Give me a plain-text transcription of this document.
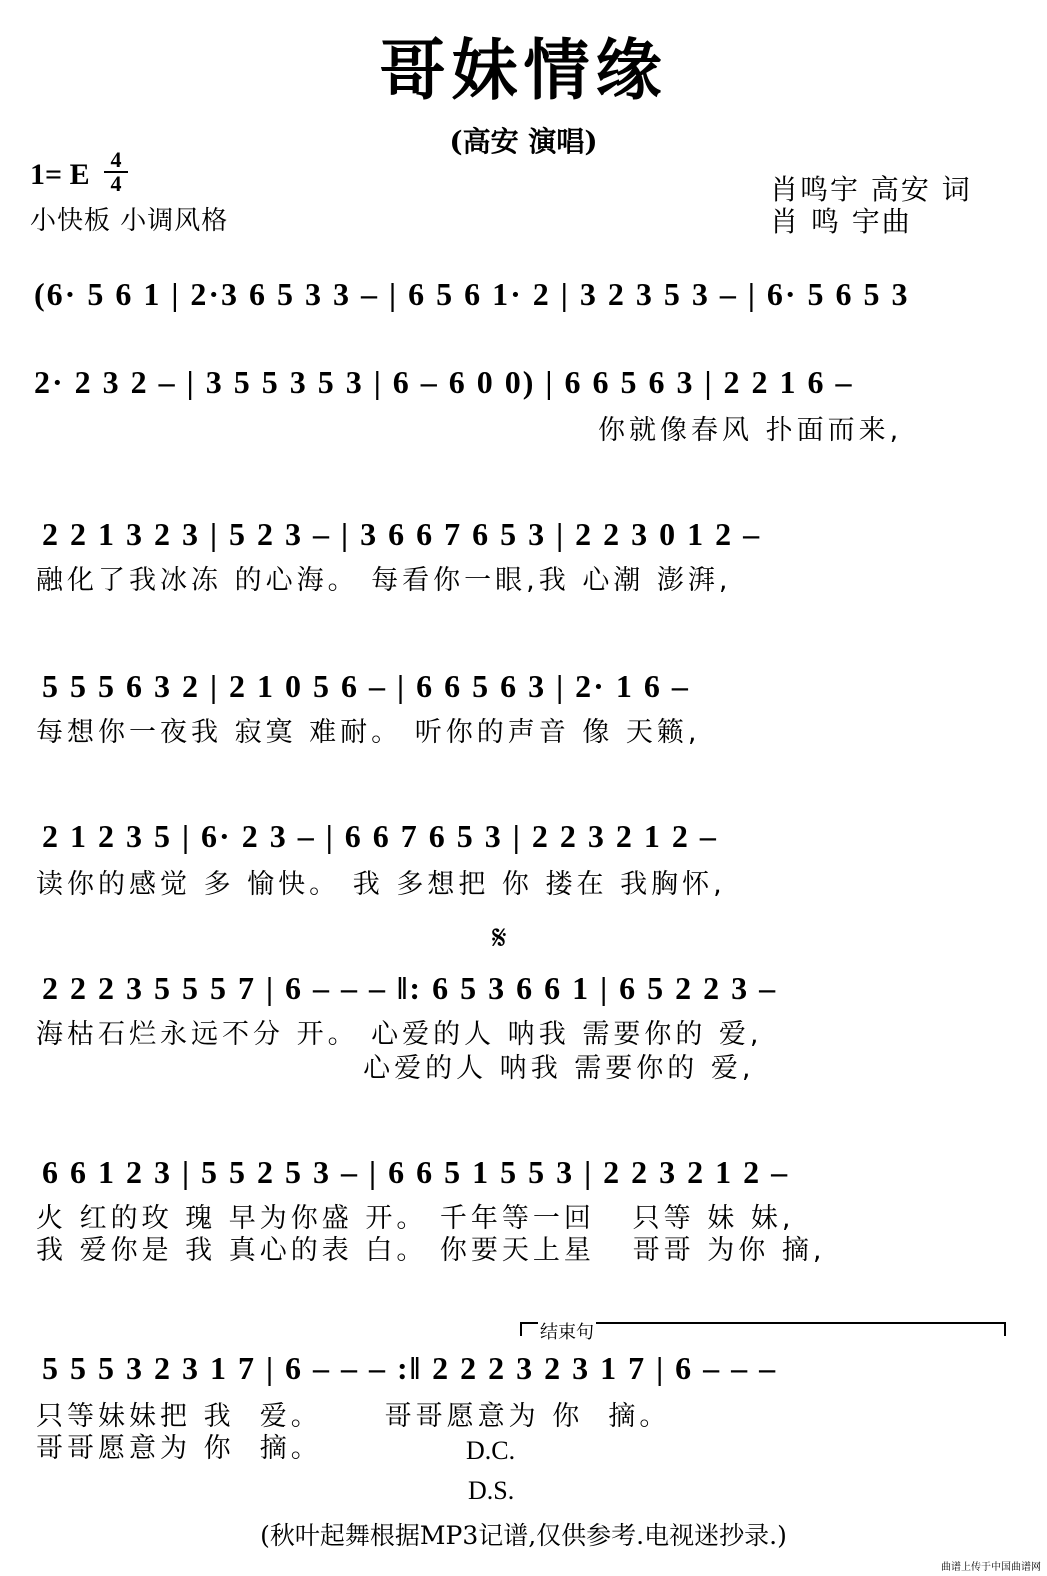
哥妹情缘
(高安 演唱)
1= E 4
4
小快板 小调风格
肖鸣宇 高安 词
肖 鸣 宇曲
(6· 5 6 1 | 2·3 6 5 3 3 – | 6 5 6 1· 2 | 3 2 3 5 3 – | 6· 5 6 5 3
2· 2 3 2 – | 3 5 5 3 5 3 | 6 – 6 0 0) | 6 6 5 6 3 | 2 2 1 6 –
你就像春风 扑面而来,
2 2 1 3 2 3 | 5 2 3 – | 3 6 6 7 6 5 3 | 2 2 3 0 1 2 –
融化了我冰冻 的心海。 每看你一眼,我 心潮 澎湃,
5 5 5 6 3 2 | 2 1 0 5 6 – | 6 6 5 6 3 | 2· 1 6 –
每想你一夜我 寂寞 难耐。 听你的声音 像 天籁,
2 1 2 3 5 | 6· 2 3 – | 6 6 7 6 5 3 | 2 2 3 2 1 2 –
读你的感觉 多 愉快。 我 多想把 你 搂在 我胸怀,
𝄋
2 2 2 3 5 5 5 7 | 6 – – – ‖: 6 5 3 6 6 1 | 6 5 2 2 3 –
海枯石烂永远不分 开。 心爱的人 呐我 需要你的 爱,
心爱的人 呐我 需要你的 爱,
6 6 1 2 3 | 5 5 2 5 3 – | 6 6 5 1 5 5 3 | 2 2 3 2 1 2 –
火 红的玫 瑰 早为你盛 开。 千年等一回   只等 妹 妹,
我 爱你是 我 真心的表 白。 你要天上星   哥哥 为你 摘,
结束句
5 5 5 3 2 3 1 7 | 6 – – – :‖ 2 2 2 3 2 3 1 7 | 6 – – –
只等妹妹把 我  爱。     哥哥愿意为 你  摘。
哥哥愿意为 你  摘。	D.C.
D.S.
(秋叶起舞根据MP3记谱,仅供参考.电视迷抄录.)
曲谱上传于中国曲谱网
